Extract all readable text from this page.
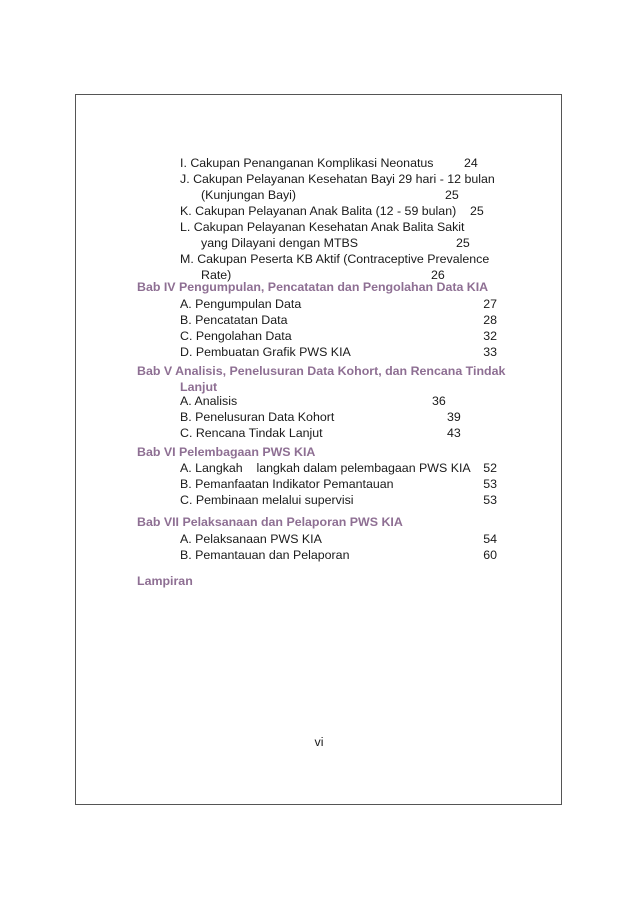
I. Cakupan Penanganan Komplikasi Neonatus 24
J. Cakupan Pelayanan Kesehatan Bayi 29 hari - 12 bulan
(Kunjungan Bayi)	25
K. Cakupan Pelayanan Anak Balita (12 - 59 bulan) 25
L. Cakupan Pelayanan Kesehatan Anak Balita Sakit
yang Dilayani dengan MTBS	25
M. Cakupan Peserta KB Aktif (Contraceptive Prevalence
Rate)	26
Bab IV Pengumpulan, Pencatatan dan Pengolahan Data KIA
A. Pengumpulan Data	27
B. Pencatatan Data	28
C. Pengolahan Data	32
D. Pembuatan Grafik PWS KIA	33
Bab V Analisis, Penelusuran Data Kohort, dan Rencana Tindak
Lanjut
A. Analisis	36
B. Penelusuran Data Kohort	39
C. Rencana Tindak Lanjut	43
Bab VI Pelembagaan PWS KIA
A. Langkah    langkah dalam pelembagaan PWS KIA	52
B. Pemanfaatan Indikator Pemantauan	53
C. Pembinaan melalui supervisi	53
Bab VII Pelaksanaan dan Pelaporan PWS KIA
A. Pelaksanaan PWS KIA	54
B. Pemantauan dan Pelaporan	60
Lampiran
vi
